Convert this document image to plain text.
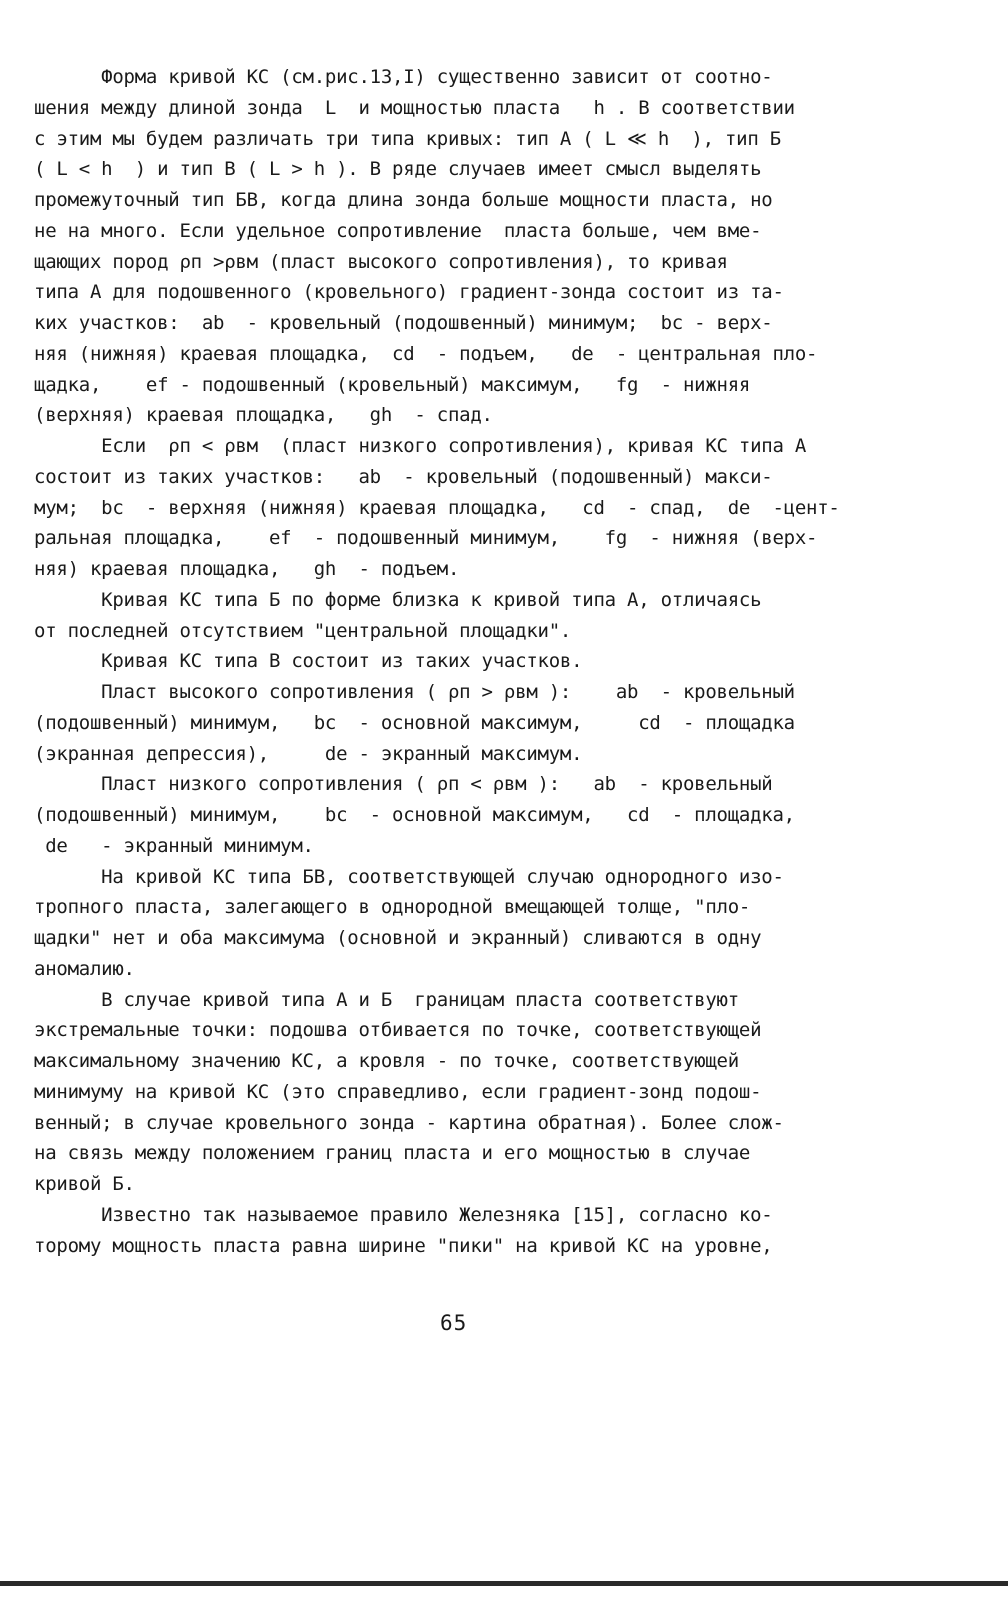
Форма кривой КС (см.рис.13,I) существенно зависит от соотно-
шения между длиной зонда  L  и мощностью пласта   h . В соответствии
с этим мы будем различать три типа кривых: тип А ( L ≪ h  ), тип Б
( L < h  ) и тип В ( L > h ). В ряде случаев имеет смысл выделять
промежуточный тип БВ, когда длина зонда больше мощности пласта, но
не на много. Если удельное сопротивление  пласта больше, чем вме-
щающих пород ρп >ρвм (пласт высокого сопротивления), то кривая
типа А для подошвенного (кровельного) градиент-зонда состоит из та-
ких участков:  ab  - кровельный (подошвенный) минимум;  bc - верх-
няя (нижняя) краевая площадка,  cd  - подъем,   de  - центральная пло-
щадка,    ef - подошвенный (кровельный) максимум,   fg  - нижняя
(верхняя) краевая площадка,   gh  - спад.
Если  ρп < ρвм  (пласт низкого сопротивления), кривая КС типа А
состоит из таких участков:   ab  - кровельный (подошвенный) макси-
мум;  bc  - верхняя (нижняя) краевая площадка,   cd  - спад,  de  -цент-
ральная площадка,    ef  - подошвенный минимум,    fg  - нижняя (верх-
няя) краевая площадка,   gh  - подъем.
Кривая КС типа Б по форме близка к кривой типа А, отличаясь
от последней отсутствием "центральной площадки".
Кривая КС типа В состоит из таких участков.
Пласт высокого сопротивления ( ρп > ρвм ):    ab  - кровельный
(подошвенный) минимум,   bc  - основной максимум,     cd  - площадка
(экранная депрессия),     de - экранный максимум.
Пласт низкого сопротивления ( ρп < ρвм ):   ab  - кровельный
(подошвенный) минимум,    bc  - основной максимум,   cd  - площадка,
de   - экранный минимум.
На кривой КС типа БВ, соответствующей случаю однородного изо-
тропного пласта, залегающего в однородной вмещающей толще, "пло-
щадки" нет и оба максимума (основной и экранный) сливаются в одну
аномалию.
В случае кривой типа А и Б  границам пласта соответствуют
экстремальные точки: подошва отбивается по точке, соответствующей
максимальному значению КС, а кровля - по точке, соответствующей
минимуму на кривой КС (это справедливо, если градиент-зонд подош-
венный; в случае кровельного зонда - картина обратная). Более слож-
на связь между положением границ пласта и его мощностью в случае
кривой Б.
Известно так называемое правило Железняка [15], согласно ко-
торому мощность пласта равна ширине "пики" на кривой КС на уровне,
65
